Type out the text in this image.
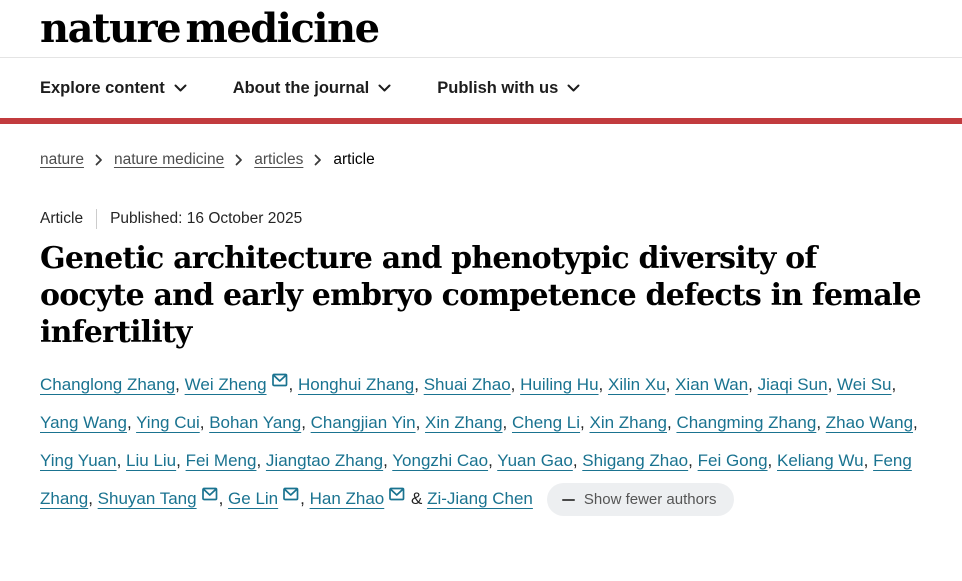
nature medicine
Explore content	About the journal	Publish with us
nature nature medicine articles article
Article Published: 16 October 2025
Genetic architecture and phenotypic diversity of
oocyte and early embryo competence defects in female
infertility

Changlong Zhang, Wei Zheng , Honghui Zhang, Shuai Zhao, Huiling Hu, Xilin Xu, Xian Wan, Jiaqi Sun, Wei Su, Yang Wang, Ying Cui, Bohan Yang, Changjian Yin, Xin Zhang, Cheng Li, Xin Zhang, Changming Zhang, Zhao Wang, Ying Yuan, Liu Liu, Fei Meng, Jiangtao Zhang, Yongzhi Cao, Yuan Gao, Shigang Zhao, Fei Gong, Keliang Wu, Feng Zhang, Shuyan Tang , Ge Lin , Han Zhao & Zi-Jiang Chen	Show fewer authors
